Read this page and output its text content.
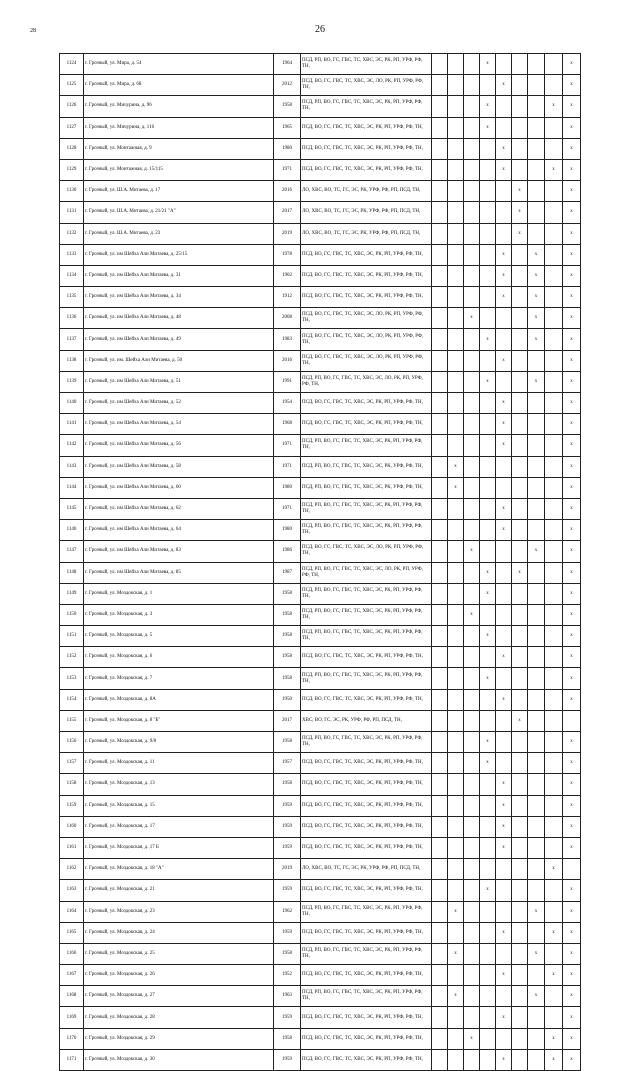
28	26
1124	г. Грозный, ул. Мира, д. 54	1964	ПСД, РП, ВО, ГС, ГВС, ТС, ХВС, ЭС, РК, РП, УРФ, РФ, ТН,				x					x
1125	г. Грозный, ул. Мира, д. 68	2012	ПСД, ВО, ГС, ГВС, ТС, ХВС, ЭС, ЛО, РК, РП, УРФ, РФ, ТН,					x				x
1126	г. Грозный, ул. Мичурина, д. 96	1958	ПСД, РП, ВО, ГС, ГВС, ТС, ХВС, ЭС, РК, РП, УРФ, РФ, ТН,				x				x	x
1127	г. Грозный, ул. Мичурина, д. 116	1965	ПСД, ВО, ГС, ГВС, ТС, ХВС, ЭС, РК, РП, УРФ, РФ, ТН,				x					x
1128	г. Грозный, ул. Монтажная, д. 9	1980	ПСД, ВО, ГС, ГВС, ТС, ХВС, ЭС, РК, РП, УРФ, РФ, ТН,					x				x
1129	г. Грозный, ул. Монтажная, д. 15/115	1971	ПСД, ВО, ГС, ГВС, ТС, ХВС, ЭС, РК, РП, УРФ, РФ, ТН,					x			x	x
1130	г. Грозный, ул. Ш.А. Митаева, д. 17	2016	ЛО, ХВС, ВО, ТС, ГС, ЭС, РК, УРФ, РФ, РП, ПСД, ТН,						x			x
1131	г. Грозный, ул. Ш.А. Митаева, д. 21/21 "А"	2017	ЛО, ХВС, ВО, ТС, ГС, ЭС, РК, УРФ, РФ, РП, ПСД, ТН,						x			x
1132	г. Грозный, ул. Ш.А. Митаева, д. 23	2019	ЛО, ХВС, ВО, ТС, ГС, ЭС, РК, УРФ, РФ, РП, ПСД, ТН,						x			x
1133	г. Грозный, ул. им Шейха Али Митаева, д. 25/15	1978	ПСД, ВО, ГС, ГВС, ТС, ХВС, ЭС, РК, РП, УРФ, РФ, ТН,					x		x		x
1134	г. Грозный, ул. им Шейха Али Митаева, д. 31	1902	ПСД, ВО, ГС, ГВС, ТС, ХВС, ЭС, РК, РП, УРФ, РФ, ТН,					x		x		x
1135	г. Грозный, ул. им Шейха Али Митаева, д. 34	1912	ПСД, ВО, ГС, ГВС, ТС, ХВС, ЭС, РК, РП, УРФ, РФ, ТН,					x		x		x
1136	г. Грозный, ул. им Шейха Али Митаева, д. 48	2008	ПСД, ВО, ГС, ГВС, ТС, ХВС, ЭС, ЛО, РК, РП, УРФ, РФ, ТН,			x				x		x
1137	г. Грозный, ул. им Шейха Али Митаева, д. 49	1983	ПСД, ВО, ГС, ГВС, ТС, ХВС, ЭС, ЛО, РК, РП, УРФ, РФ, ТН,				x			x		x
1138	г. Грозный, ул. им. Шейха Али Митаева, д. 50	2016	ПСД, ВО, ГС, ГВС, ТС, ХВС, ЭС, ЛО, РК, РП, УРФ, РФ, ТН,					x				x
1139	г. Грозный, ул. им Шейха Али Митаева, д. 51	1991	ПСД, РП, ВО, ГС, ГВС, ТС, ХВС, ЭС, ЛО, РК, РП, УРФ, РФ, ТН,				x			x		x
1140	г. Грозный, ул. им Шейха Али Митаева, д. 52	1954	ПСД, ВО, ГС, ГВС, ТС, ХВС, ЭС, РК, РП, УРФ, РФ, ТН,					x				x
1141	г. Грозный, ул. им Шейха Али Митаева, д. 54	1968	ПСД, ВО, ГС, ГВС, ТС, ХВС, ЭС, РК, РП, УРФ, РФ, ТН,					x				x
1142	г. Грозный, ул. им Шейха Али Митаева, д. 56	1971	ПСД, РП, ВО, ГС, ГВС, ТС, ХВС, ЭС, РК, РП, УРФ, РФ, ТН,					x				x
1143	г. Грозный, ул. им Шейха Али Митаева, д. 58	1971	ПСД, РП, ВО, ГС, ГВС, ТС, ХВС, ЭС, РК, УРФ, РФ, ТН,		x							x
1144	г. Грозный, ул. им Шейха Али Митаева, д. 60	1980	ПСД, РП, ВО, ГС, ГВС, ТС, ХВС, ЭС, РК, УРФ, РФ, ТН,		x							x
1145	г. Грозный, ул. им Шейха Али Митаева, д. 62	1971	ПСД, РП, ВО, ГС, ГВС, ТС, ХВС, ЭС, РК, РП, УРФ, РФ, ТН,					x				x
1146	г. Грозный, ул. им Шейха Али Митаева, д. 64	1980	ПСД, РП, ВО, ГС, ГВС, ТС, ХВС, ЭС, РК, РП, УРФ, РФ, ТН,					x				x
1147	г. Грозный, ул. им Шейха Али Митаева, д. 83	1986	ПСД, ВО, ГС, ГВС, ТС, ХВС, ЭС, ЛО, РК, РП, УРФ, РФ, ТН,			x				x		x
1148	г. Грозный, ул. им Шейха Али Митаева, д. 85	1987	ПСД, РП, ВО, ГС, ГВС, ТС, ХВС, ЭС, ЛО, РК, РП, УРФ, РФ, ТН,				x		x			x
1149	г. Грозный, ул. Моздокская, д. 1	1958	ПСД, РП, ВО, ГС, ГВС, ТС, ХВС, ЭС, РК, РП, УРФ, РФ, ТН,				x					x
1150	г. Грозный, ул. Моздокская, д. 3	1958	ПСД, РП, ВО, ГС, ГВС, ТС, ХВС, ЭС, РК, РП, УРФ, РФ, ТН,			x						x
1151	г. Грозный, ул. Моздокская, д. 5	1958	ПСД, РП, ВО, ГС, ГВС, ТС, ХВС, ЭС, РК, РП, УРФ, РФ, ТН,				x					x
1152	г. Грозный, ул. Моздокская, д. 6	1958	ПСД, ВО, ГС, ГВС, ТС, ХВС, ЭС, РК, РП, УРФ, РФ, ТН,					x				x
1153	г. Грозный, ул. Моздокская, д. 7	1958	ПСД, РП, ВО, ГС, ГВС, ТС, ХВС, ЭС, РК, РП, УРФ, РФ, ТН,				x					x
1154	г. Грозный, ул. Моздокская, д. 8А	1950	ПСД, ВО, ГС, ГВС, ТС, ХВС, ЭС, РК, РП, УРФ, РФ, ТН,					x				x
1155	г. Грозный, ул. Моздокская, д. 8 "Б"	2017	ХВС, ВО, ГС, ЭС, РК, УРФ, РФ, РП, ПСД, ТН,						x			
1156	г. Грозный, ул. Моздокская, д. 9/8	1958	ПСД, РП, ВО, ГС, ГВС, ТС, ХВС, ЭС, РК, РП, УРФ, РФ, ТН,				x					x
1157	г. Грозный, ул. Моздокская, д. 11	1957	ПСД, ВО, ГС, ГВС, ТС, ХВС, ЭС, РК, РП, УРФ, РФ, ТН,				x					x
1158	г. Грозный, ул. Моздокская, д. 13	1958	ПСД, ВО, ГС, ГВС, ТС, ХВС, ЭС, РК, РП, УРФ, РФ, ТН,					x				x
1159	г. Грозный, ул. Моздокская, д. 15	1959	ПСД, ВО, ГС, ГВС, ТС, ХВС, ЭС, РК, РП, УРФ, РФ, ТН,					x				x
1160	г. Грозный, ул. Моздокская, д. 17	1959	ПСД, ВО, ГС, ГВС, ТС, ХВС, ЭС, РК, РП, УРФ, РФ, ТН,					x				x
1161	г. Грозный, ул. Моздокская, д. 17 Б	1959	ПСД, ВО, ГС, ГВС, ТС, ХВС, ЭС, РК, РП, УРФ, РФ, ТН,					x				x
1162	г. Грозный, ул. Моздокская, д. 18 "А"	2019	ЛО, ХВС, ВО, ТС, ГС, ЭС, РК, УРФ, РФ, РП, ПСД, ТН,								x	
1163	г. Грозный, ул. Моздокская, д. 21	1959	ПСД, ВО, ГС, ГВС, ТС, ХВС, ЭС, РК, РП, УРФ, РФ, ТН,				x					x
1164	г. Грозный, ул. Моздокская, д. 23	1962	ПСД, РП, ВО, ГС, ГВС, ТС, ХВС, ЭС, РК, РП, УРФ, РФ, ТН,		x					x		x
1165	г. Грозный, ул. Моздокская, д. 24	1959	ПСД, ВО, ГС, ГВС, ТС, ХВС, ЭС, РК, РП, УРФ, РФ, ТН,					x			x	x
1166	г. Грозный, ул. Моздокская, д. 25	1958	ПСД, РП, ВО, ГС, ГВС, ТС, ХВС, ЭС, РК, РП, УРФ, РФ, ТН,		x					x		x
1167	г. Грозный, ул. Моздокская, д. 26	1952	ПСД, ВО, ГС, ГВС, ТС, ХВС, ЭС, РК, РП, УРФ, РФ, ТН,					x			x	x
1168	г. Грозный, ул. Моздокская, д. 27	1963	ПСД, РП, ВО, ГС, ГВС, ТС, ХВС, ЭС, РК, РП, УРФ, РФ, ТН,		x					x		x
1169	г. Грозный, ул. Моздокская, д. 28	1959	ПСД, ВО, ГС, ГВС, ТС, ХВС, ЭС, РК, РП, УРФ, РФ, ТН,					x				x
1170	г. Грозный, ул. Моздокская, д. 29	1958	ПСД, ВО, ГС, ГВС, ТС, ХВС, ЭС, РК, РП, УРФ, РФ, ТН,			x					x	x
1171	г. Грозный, ул. Моздокская, д. 30	1959	ПСД, ВО, ГС, ГВС, ТС, ХВС, ЭС, РК, РП, УРФ, РФ, ТН,					x			x	x
